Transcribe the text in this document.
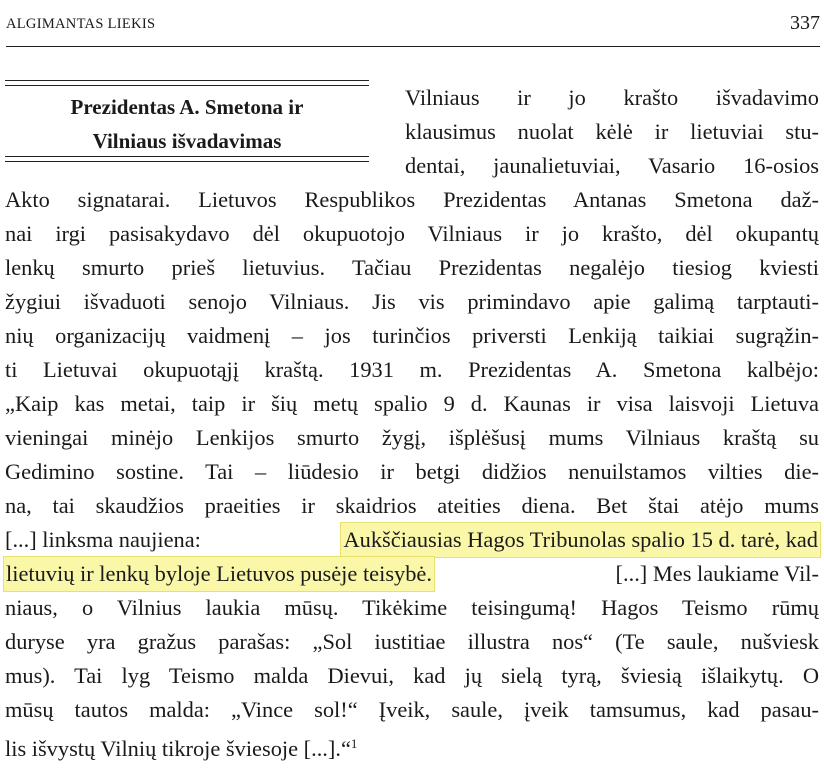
ALGIMANTAS LIEKIS	337
Prezidentas A. Smetona ir
Vilniaus išvadavimas
Vilniaus ir jo krašto išvadavimo
klausimus nuolat kėlė ir lietuviai stu-
dentai, jaunalietuviai, Vasario 16-osios
Akto signatarai. Lietuvos Respublikos Prezidentas Antanas Smetona daž-
nai irgi pasisakydavo dėl okupuotojo Vilniaus ir jo krašto, dėl okupantų
lenkų smurto prieš lietuvius. Tačiau Prezidentas negalėjo tiesiog kviesti
žygiui išvaduoti senojo Vilniaus. Jis vis primindavo apie galimą tarptauti-
nių organizacijų vaidmenį – jos turinčios priversti Lenkiją taikiai sugrąžin-
ti Lietuvai okupuotąjį kraštą. 1931 m. Prezidentas A. Smetona kalbėjo:
„Kaip kas metai, taip ir šių metų spalio 9 d. Kaunas ir visa laisvoji Lietuva
vieningai minėjo Lenkijos smurto žygį, išplėšusį mums Vilniaus kraštą su
Gedimino sostine. Tai – liūdesio ir betgi didžios nenuilstamos vilties die-
na, tai skaudžios praeities ir skaidrios ateities diena. Bet štai atėjo mums
[...] linksma naujiena:	Aukščiausias Hagos Tribunolas spalio 15 d. tarė, kad
lietuvių ir lenkų byloje Lietuvos pusėje teisybė.	[...] Mes laukiame Vil-
niaus, o Vilnius laukia mūsų. Tikėkime teisingumą! Hagos Teismo rūmų
duryse yra gražus parašas: „Sol iustitiae illustra nos“ (Te saule, nušviesk
mus). Tai lyg Teismo malda Dievui, kad jų sielą tyrą, šviesią išlaikytų. O
mūsų tautos malda: „Vince sol!“ Įveik, saule, įveik tamsumus, kad pasau-
lis išvystų Vilnių tikroje šviesoje [...].“$^1$
